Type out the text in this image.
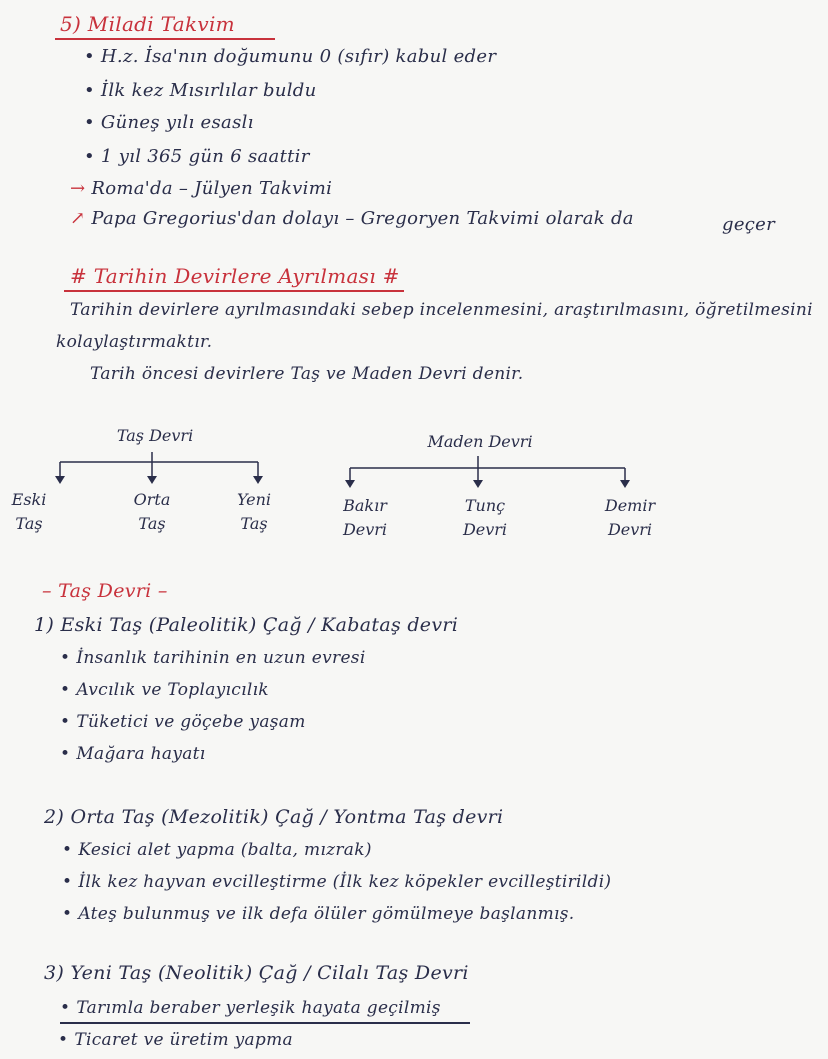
5) Miladi Takvim
• H.z. İsa'nın doğumunu 0 (sıfır) kabul eder
• İlk kez Mısırlılar buldu
• Güneş yılı esaslı
• 1 yıl 365 gün 6 saattir
→ Roma'da – Jülyen Takvimi
↗ Papa Gregorius'dan dolayı – Gregoryen Takvimi olarak da	geçer
# Tarihin Devirlere Ayrılması #
Tarihin devirlere ayrılmasındaki sebep incelenmesini, araştırılmasını, öğretilmesini
kolaylaştırmaktır.
Tarih öncesi devirlere Taş ve Maden Devri denir.
Taş Devri	Maden Devri
Eski
Taş
Orta
Taş
Yeni
Taş
Bakır
Devri
Tunç
Devri
Demir
Devri
– Taş Devri –
1) Eski Taş (Paleolitik) Çağ / Kabataş devri
• İnsanlık tarihinin en uzun evresi
• Avcılık ve Toplayıcılık
• Tüketici ve göçebe yaşam
• Mağara hayatı
2) Orta Taş (Mezolitik) Çağ / Yontma Taş devri
• Kesici alet yapma (balta, mızrak)
• İlk kez hayvan evcilleştirme (İlk kez köpekler evcilleştirildi)
• Ateş bulunmuş ve ilk defa ölüler gömülmeye başlanmış.
3) Yeni Taş (Neolitik) Çağ / Cilalı Taş Devri
• Tarımla beraber yerleşik hayata geçilmiş
• Ticaret ve üretim yapma
